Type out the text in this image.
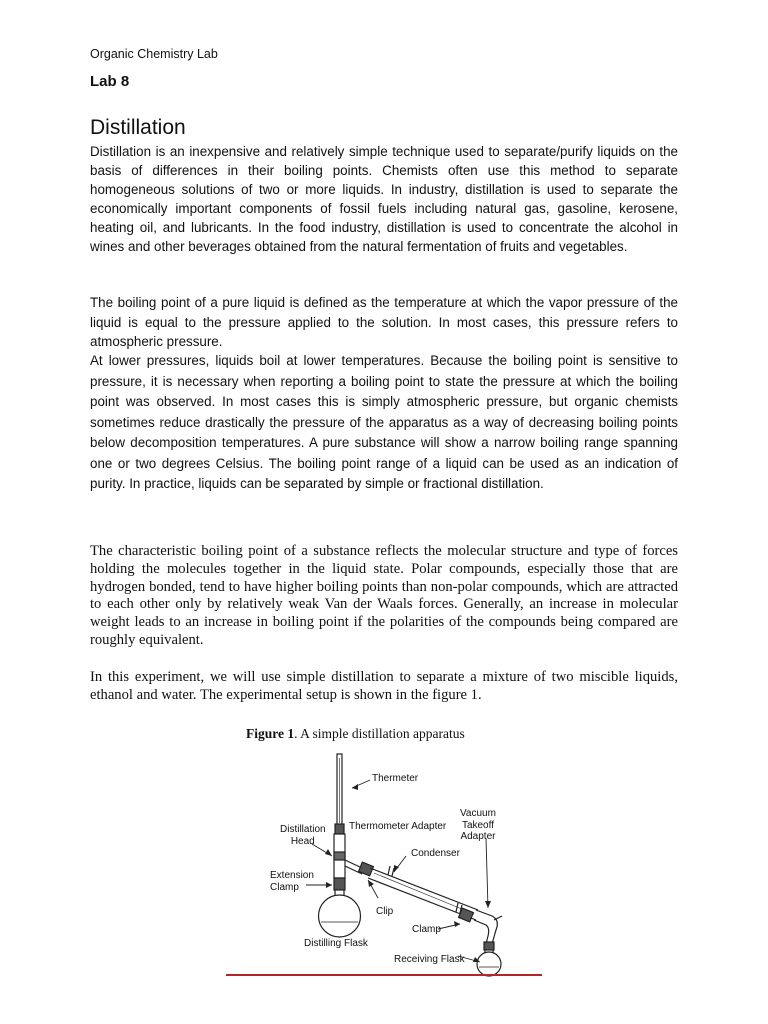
Organic Chemistry Lab
Lab 8
Distillation

Distillation is an inexpensive and relatively simple technique used to separate/purify liquids on the basis of differences in their boiling points. Chemists often use this method to separate homogeneous solutions of two or more liquids. In industry, distillation is used to separate the economically important components of fossil fuels including natural gas, gasoline, kerosene, heating oil, and lubricants. In the food industry, distillation is used to concentrate the alcohol in wines and other beverages obtained from the natural fermentation of fruits and vegetables.

The boiling point of a pure liquid is defined as the temperature at which the vapor pressure of the liquid is equal to the pressure applied to the solution. In most cases, this pressure refers to atmospheric pressure.

At lower pressures, liquids boil at lower temperatures. Because the boiling point is sensitive to pressure, it is necessary when reporting a boiling point to state the pressure at which the boiling point was observed. In most cases this is simply atmospheric pressure, but organic chemists sometimes reduce drastically the pressure of the apparatus as a way of decreasing boiling points below decomposition temperatures. A pure substance will show a narrow boiling range spanning one or two degrees Celsius. The boiling point range of a liquid can be used as an indication of purity. In practice, liquids can be separated by simple or fractional distillation.

The characteristic boiling point of a substance reflects the molecular structure and type of forces holding the molecules together in the liquid state. Polar compounds, especially those that are hydrogen bonded, tend to have higher boiling points than non-polar compounds, which are attracted to each other only by relatively weak Van der Waals forces. Generally, an increase in molecular weight leads to an increase in boiling point if the polarities of the compounds being compared are roughly equivalent.

In this experiment, we will use simple distillation to separate a mixture of two miscible liquids, ethanol and water. The experimental setup is shown in the figure 1.

Figure 1. A simple distillation apparatus
Thermeter
Vacuum
Takeoff
Adapter
Distillation
Head
Thermometer Adapter
Condenser
Extension
Clamp
Clip
Clamp
Distilling Flask
Receiving Flask
